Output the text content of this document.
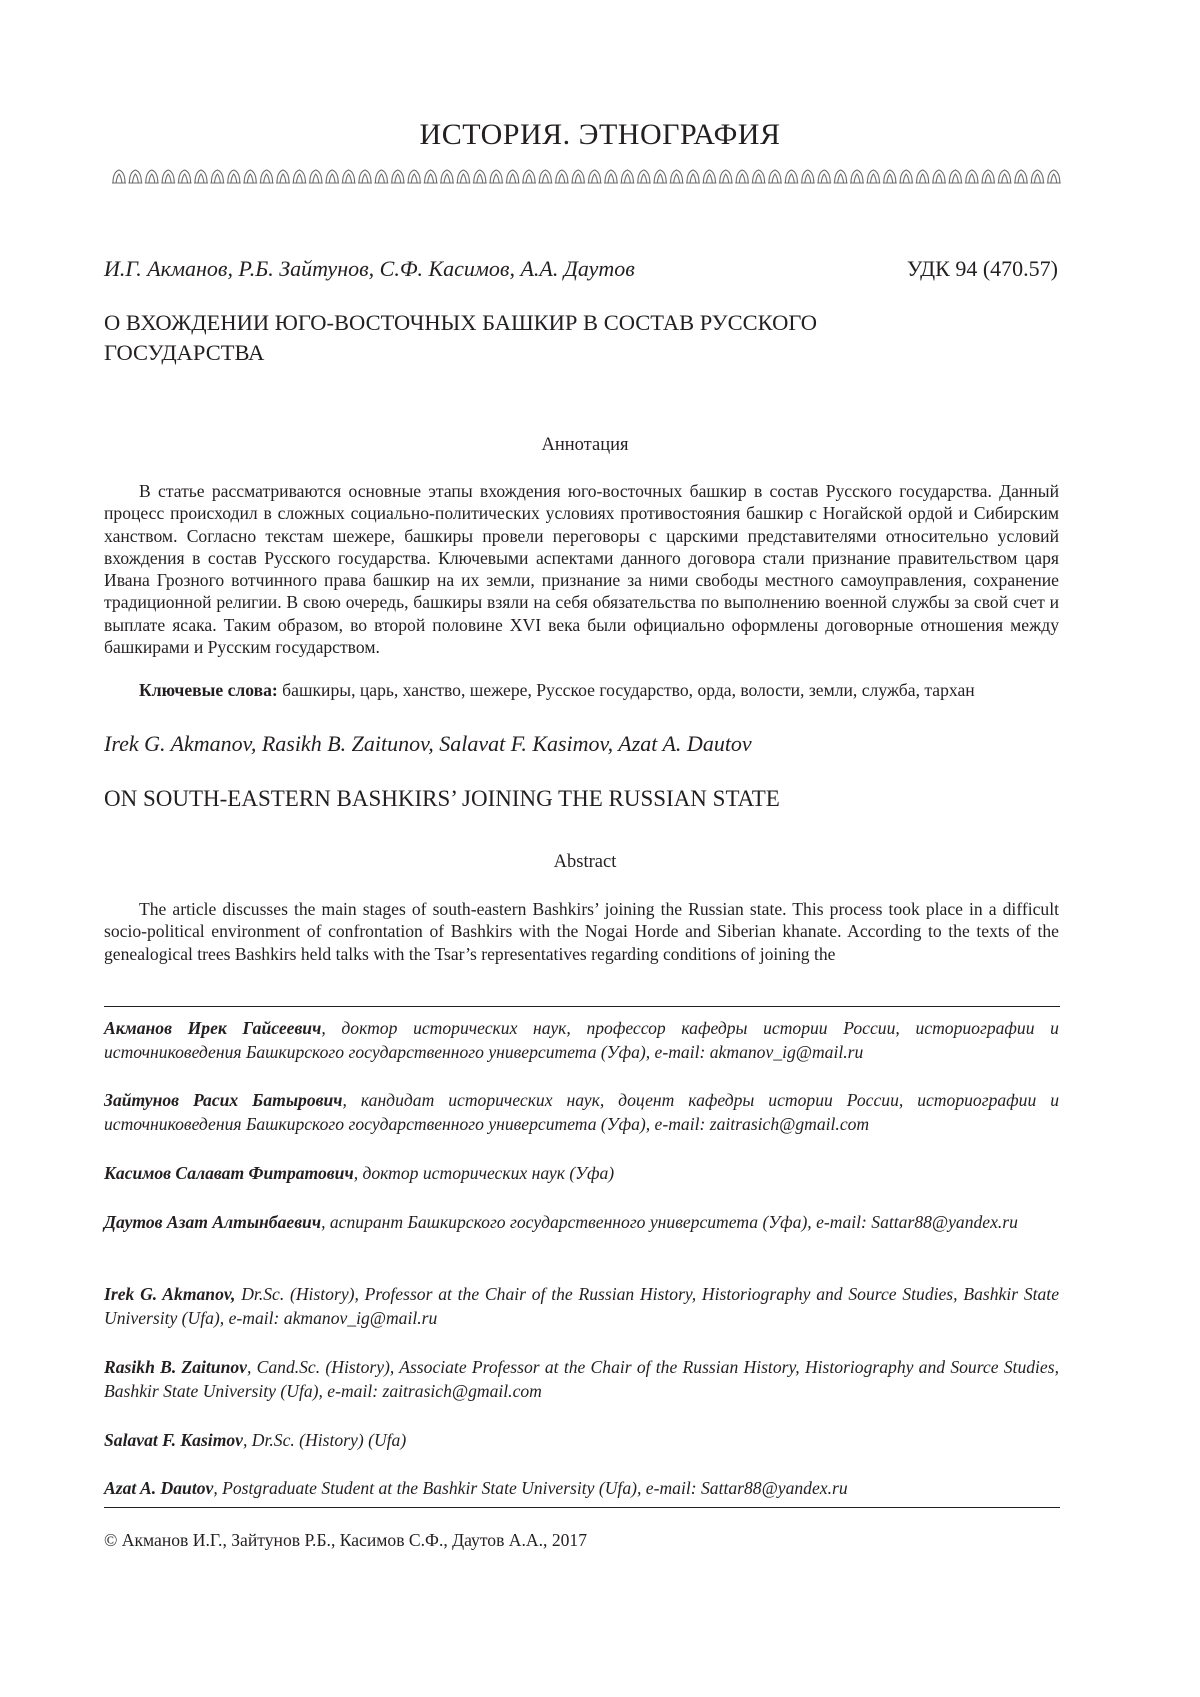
ИСТОРИЯ. ЭТНОГРАФИЯ
И.Г. Акманов, Р.Б. Зайтунов, С.Ф. Касимов, А.А. Даутов	УДК 94 (470.57)
О ВХОЖДЕНИИ ЮГО-ВОСТОЧНЫХ БАШКИР В СОСТАВ РУССКОГО
ГОСУДАРСТВА
Аннотация
В статье рассматриваются основные этапы вхождения юго-восточных башкир в состав Русского государства. Данный процесс происходил в сложных социально-политических условиях противостояния башкир с Ногайской ордой и Сибирским ханством. Согласно текстам шежере, башкиры провели переговоры с царскими представителями относительно условий вхождения в состав Русского государства. Ключевыми аспектами данного договора стали признание правительством царя Ивана Грозного вотчинного права башкир на их земли, признание за ними свободы местного самоуправления, сохранение традиционной религии. В свою очередь, башкиры взяли на себя обязательства по выполнению военной службы за свой счет и выплате ясака. Таким образом, во второй половине XVI века были официально оформлены договорные отношения между башкирами и Русским государством.
Ключевые слова: башкиры, царь, ханство, шежере, Русское государство, орда, волости, земли, служба, тархан
Irek G. Akmanov, Rasikh B. Zaitunov, Salavat F. Kasimov, Azat A. Dautov
ON SOUTH-EASTERN BASHKIRS’ JOINING THE RUSSIAN STATE
Abstract
The article discusses the main stages of south-eastern Bashkirs’ joining the Russian state. This process took place in a difficult socio-political environment of confrontation of Bashkirs with the Nogai Horde and Siberian khanate. According to the texts of the genealogical trees Bashkirs held talks with the Tsar’s representatives regarding conditions of joining the
Акманов Ирек Гайсеевич, доктор исторических наук, профессор кафедры истории России, историографии и источниковедения Башкирского государственного университета (Уфа), e-mail: akmanov_ig@mail.ru
Зайтунов Расих Батырович, кандидат исторических наук, доцент кафедры истории России, историографии и источниковедения Башкирского государственного университета (Уфа), e-mail: zaitrasich@gmail.com
Касимов Салават Фитратович, доктор исторических наук (Уфа)
Даутов Азат Алтынбаевич, аспирант Башкирского государственного университета (Уфа), e-mail: Sattar88@yandex.ru
Irek G. Akmanov, Dr.Sc. (History), Professor at the Chair of the Russian History, Historiography and Source Studies, Bashkir State University (Ufa), e-mail: akmanov_ig@mail.ru
Rasikh B. Zaitunov, Cand.Sc. (History), Associate Professor at the Chair of the Russian History, Historiography and Source Studies, Bashkir State University (Ufa), e-mail: zaitrasich@gmail.com
Salavat F. Kasimov, Dr.Sc. (History) (Ufa)
Azat A. Dautov, Postgraduate Student at the Bashkir State University (Ufa), e-mail: Sattar88@yandex.ru
© Акманов И.Г., Зайтунов Р.Б., Касимов С.Ф., Даутов А.А., 2017
